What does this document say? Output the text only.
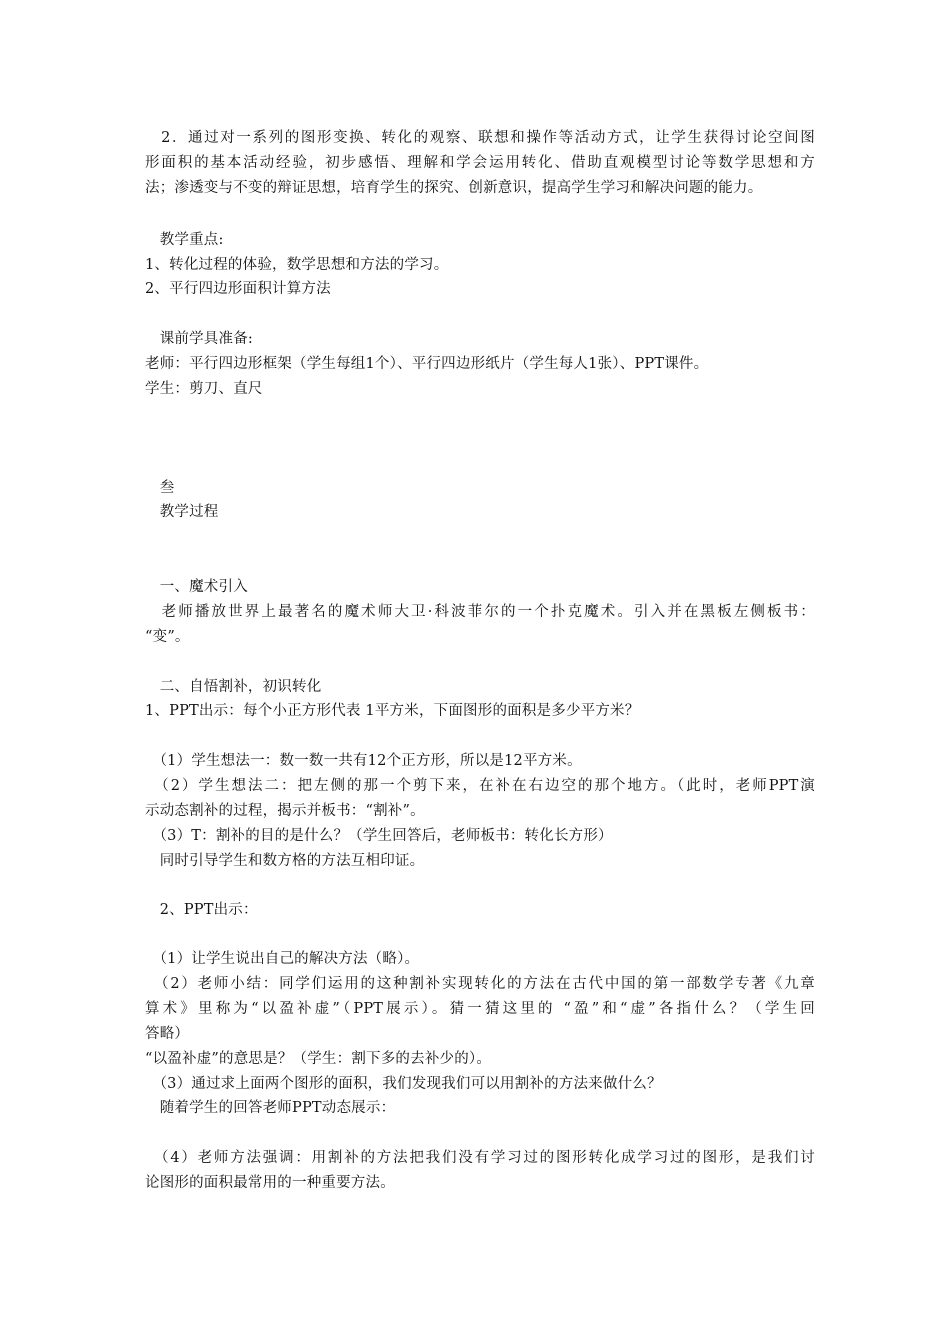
　2．通过对一系列的图形变换、转化的观察、联想和操作等活动方式，让学生获得讨论空间图
形面积的基本活动经验，初步感悟、理解和学会运用转化、借助直观模型讨论等数学思想和方
法；渗透变与不变的辩证思想，培育学生的探究、创新意识，提高学生学习和解决问题的能力。
　教学重点:
1、转化过程的体验，数学思想和方法的学习。
2、平行四边形面积计算方法
　课前学具准备:
老师：平行四边形框架（学生每组1个）、平行四边形纸片（学生每人1张）、PPT课件。
学生：剪刀、直尺
　叁
　教学过程
　一、魔术引入
　老师播放世界上最著名的魔术师大卫·科波菲尔的一个扑克魔术。引入并在黑板左侧板书：
“变”。
　二、自悟割补，初识转化
1、PPT出示：每个小正方形代表 1平方米，下面图形的面积是多少平方米？
　（1）学生想法一：数一数一共有12个正方形，所以是12平方米。
　（2）学生想法二：把左侧的那一个剪下来，在补在右边空的那个地方。（此时，老师PPT演
示动态割补的过程，揭示并板书：“割补”。
　（3）T：割补的目的是什么？（学生回答后，老师板书：转化长方形）
　同时引导学生和数方格的方法互相印证。
　2、PPT出示：
　（1）让学生说出自己的解决方法（略）。
　（2）老师小结：同学们运用的这种割补实现转化的方法在古代中国的第一部数学专著《九章
算术》里称为“以盈补虚”（PPT展示）。猜一猜这里的 “盈”和“虚”各指什么？（学生回
答略）
“以盈补虚”的意思是？（学生：割下多的去补少的）。
　（3）通过求上面两个图形的面积，我们发现我们可以用割补的方法来做什么？
　随着学生的回答老师PPT动态展示：
　（4）老师方法强调：用割补的方法把我们没有学习过的图形转化成学习过的图形，是我们讨
论图形的面积最常用的一种重要方法。
